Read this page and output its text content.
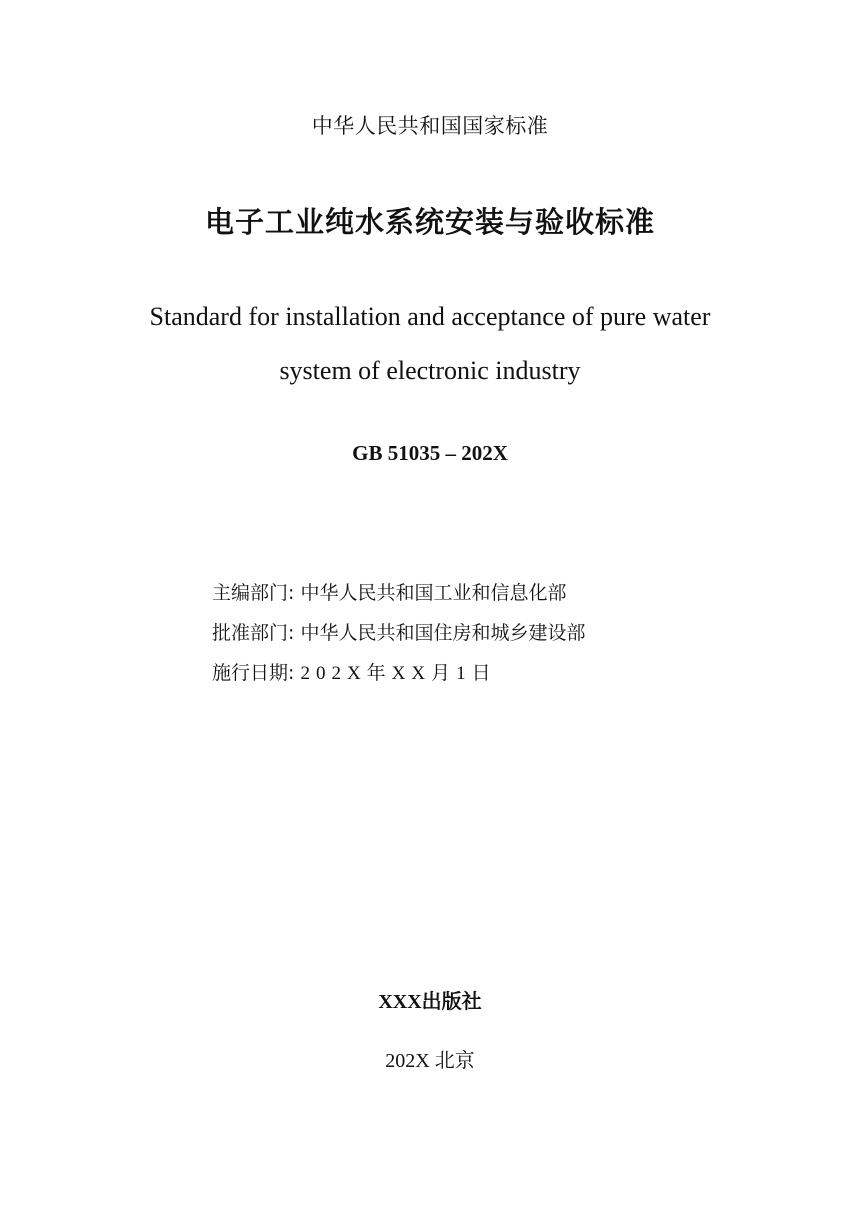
中华人民共和国国家标准
电子工业纯水系统安装与验收标准
Standard for installation and acceptance of pure water
system of electronic industry
GB 51035 – 202X
主编部门: 中华人民共和国工业和信息化部
批准部门: 中华人民共和国住房和城乡建设部
施行日期: 202X年XX月1日
XXX出版社
202X 北京
